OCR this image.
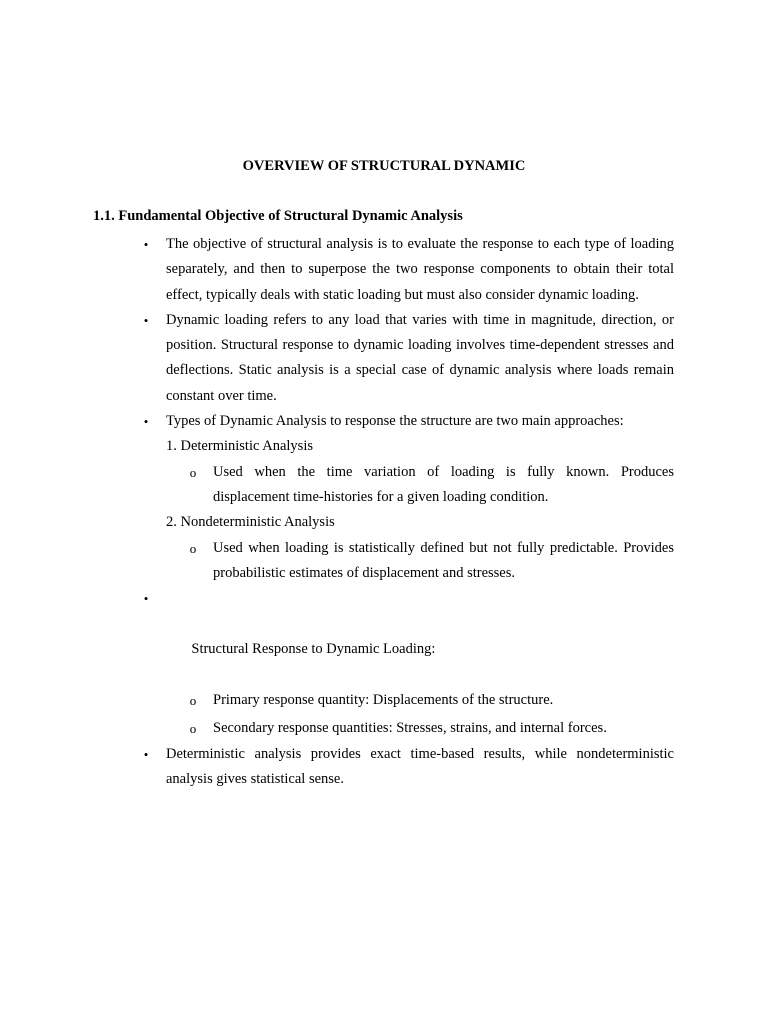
OVERVIEW OF STRUCTURAL DYNAMIC
1.1. Fundamental Objective of Structural Dynamic Analysis
• The objective of structural analysis is to evaluate the response to each type of loading separately, and then to superpose the two response components to obtain their total effect, typically deals with static loading but must also consider dynamic loading.
• Dynamic loading refers to any load that varies with time in magnitude, direction, or position. Structural response to dynamic loading involves time-dependent stresses and deflections. Static analysis is a special case of dynamic analysis where loads remain constant over time.
• Types of Dynamic Analysis to response the structure are two main approaches:
1. Deterministic Analysis
o Used when the time variation of loading is fully known. Produces displacement time-histories for a given loading condition.
2. Nondeterministic Analysis
o Used when loading is statistically defined but not fully predictable. Provides probabilistic estimates of displacement and stresses.

•

Structural Response to Dynamic Loading:

o Primary response quantity: Displacements of the structure.
o Secondary response quantities: Stresses, strains, and internal forces.
• Deterministic analysis provides exact time-based results, while nondeterministic analysis gives statistical sense.
